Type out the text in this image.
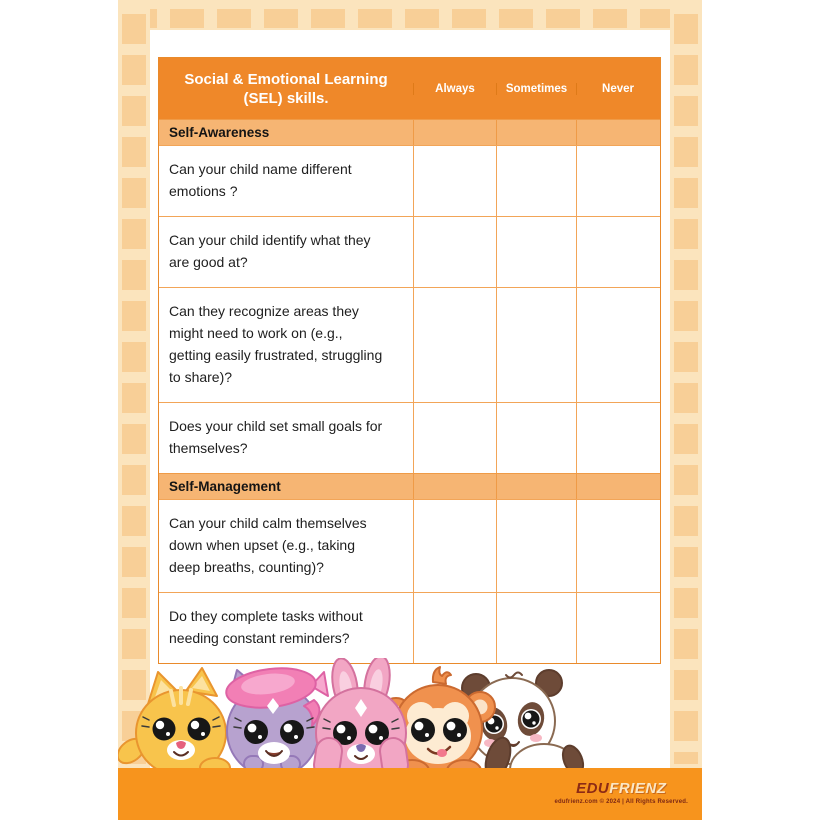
Social & Emotional Learning (SEL) skills.
Always	Sometimes	Never
Self-Awareness
Can your child name different emotions ?
Can your child identify what they are good at?
Can they recognize areas they might need to work on (e.g., getting easily frustrated, struggling to share)?
Does your child set small goals for themselves?
Self-Management
Can your child calm themselves down when upset (e.g., taking deep breaths, counting)?
Do they complete tasks without needing constant reminders?
EDUFRIENZ
edufrienz.com © 2024 | All Rights Reserved.
